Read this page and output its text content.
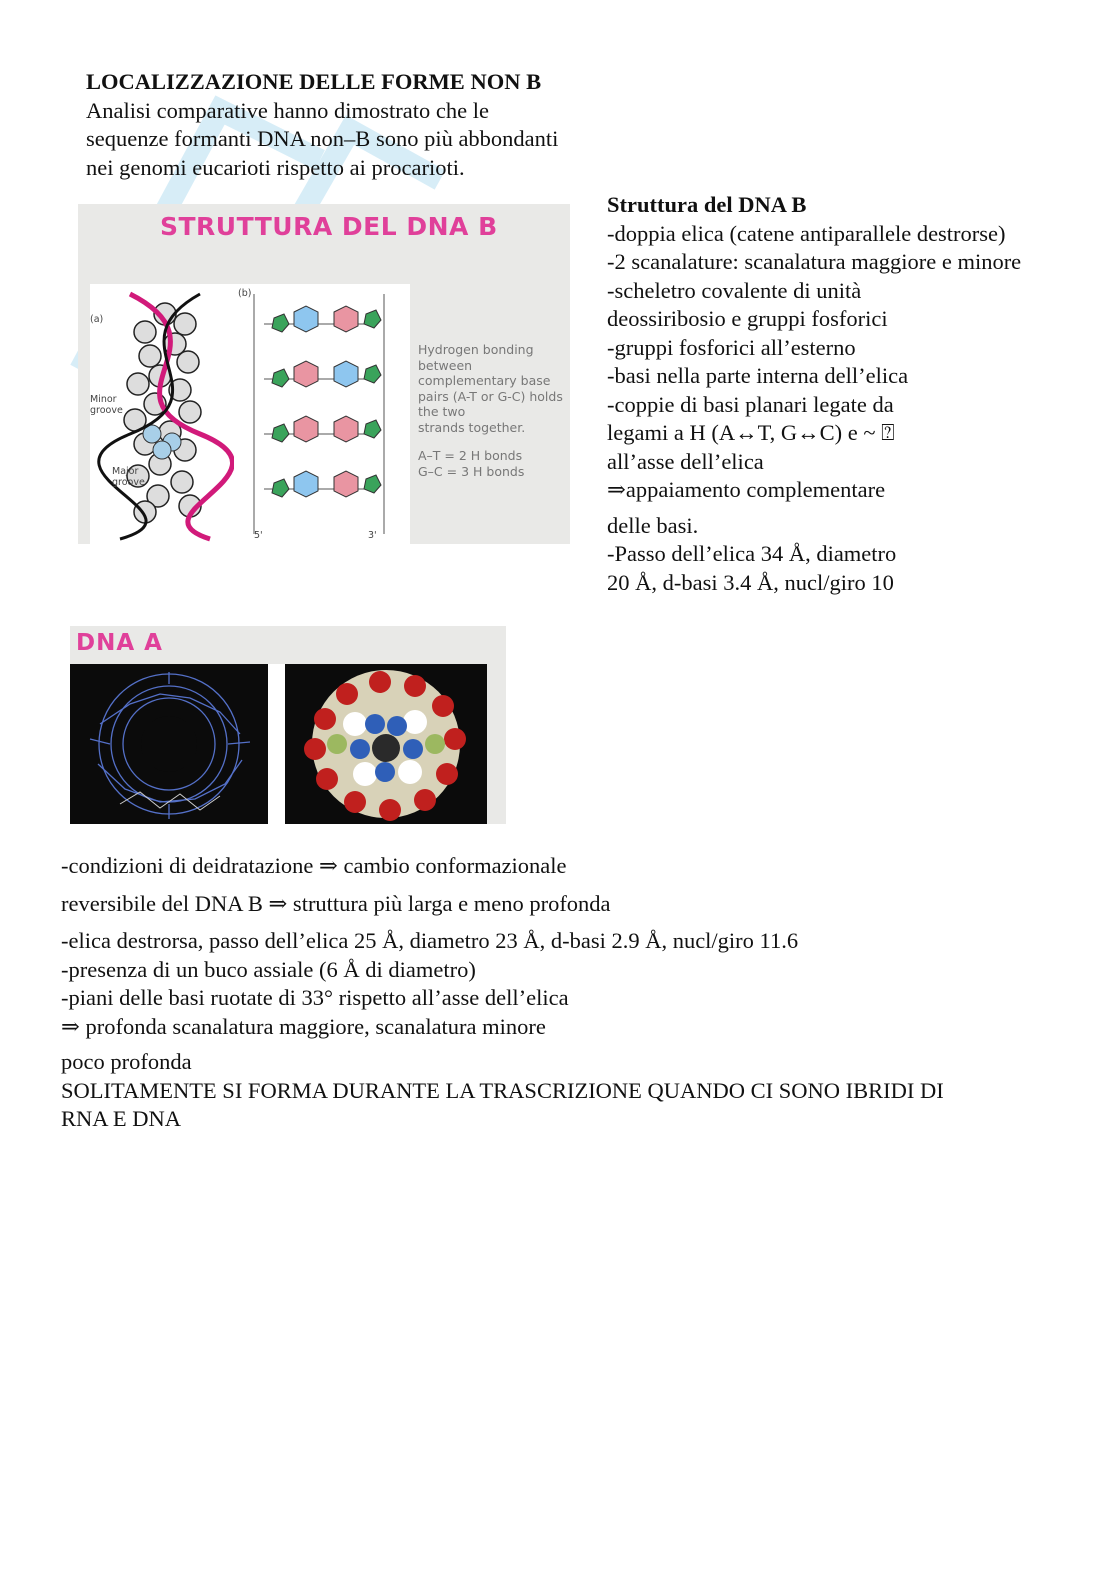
LOCALIZZAZIONE DELLE FORME NON B
Analisi comparative hanno dimostrato che le
sequenze formanti DNA non–B sono più abbondanti
nei genomi eucarioti rispetto ai procarioti.
Struttura del DNA B
-doppia elica (catene antiparallele destrorse)
-2 scanalature: scanalatura maggiore e minore
-scheletro covalente di unità
deossiribosio e gruppi fosforici
-gruppi fosforici all’esterno
-basi nella parte interna dell’elica
-coppie di basi planari legate da
legami a H (A↔T, G↔C) e ~ ⍰
all’asse dell’elica
⇒appaiamento complementare
delle basi.
-Passo dell’elica 34 Å, diametro
20 Å, d-basi 3.4 Å, nucl/giro 10
STRUTTURA DEL DNA B
(a)
Minor
groove
Major
groove
(b)
5'	3'
Hydrogen bonding
between
complementary base
pairs (A-T or G-C) holds
the two
strands together.
A–T = 2 H bonds
G–C = 3 H bonds
DNA A
-condizioni di deidratazione ⇒ cambio conformazionale
reversibile del DNA B ⇒ struttura più larga e meno profonda
-elica destrorsa, passo dell’elica 25 Å, diametro 23 Å, d-basi 2.9 Å, nucl/giro 11.6
-presenza di un buco assiale (6 Å di diametro)
-piani delle basi ruotate di 33° rispetto all’asse dell’elica
⇒ profonda scanalatura maggiore, scanalatura minore
poco profonda
SOLITAMENTE SI FORMA DURANTE LA TRASCRIZIONE QUANDO CI SONO IBRIDI DI
RNA E DNA
